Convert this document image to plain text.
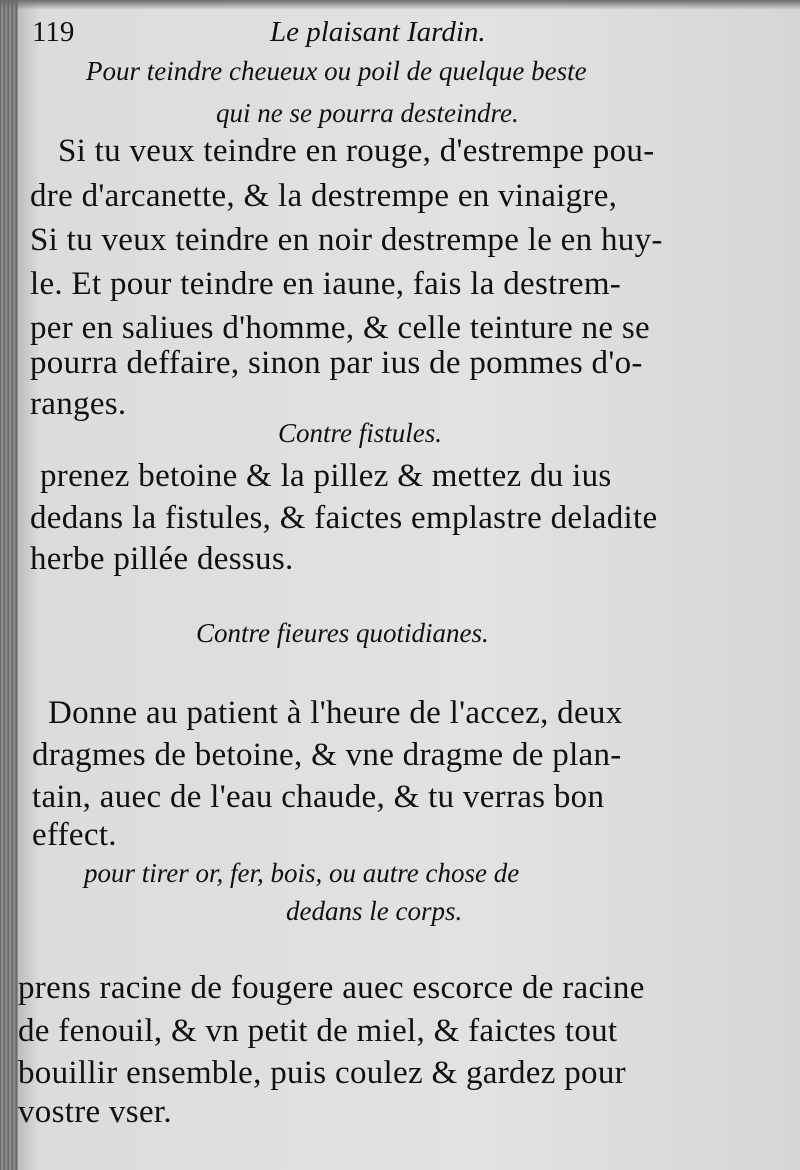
119	Le plaisant Iardin.
Pour teindre cheueux ou poil de quelque beste
qui ne se pourra desteindre.
Si tu veux teindre en rouge, d'estrempe pou-
dre d'arcanette, & la destrempe en vinaigre,
Si tu veux teindre en noir destrempe le en huy-
le. Et pour teindre en iaune, fais la destrem-
per en saliues d'homme, & celle teinture ne se
pourra deffaire, sinon par ius de pommes d'o-
ranges.
Contre fistules.
prenez betoine & la pillez & mettez du ius
dedans la fistules, & faictes emplastre deladite
herbe pillée dessus.
Contre fieures quotidianes.
Donne au patient à l'heure de l'accez, deux
dragmes de betoine, & vne dragme de plan-
tain, auec de l'eau chaude, & tu verras bon
effect.
pour tirer or, fer, bois, ou autre chose de
dedans le corps.
prens racine de fougere auec escorce de racine
de fenouil, & vn petit de miel, & faictes tout
bouillir ensemble, puis coulez & gardez pour
vostre vser.
